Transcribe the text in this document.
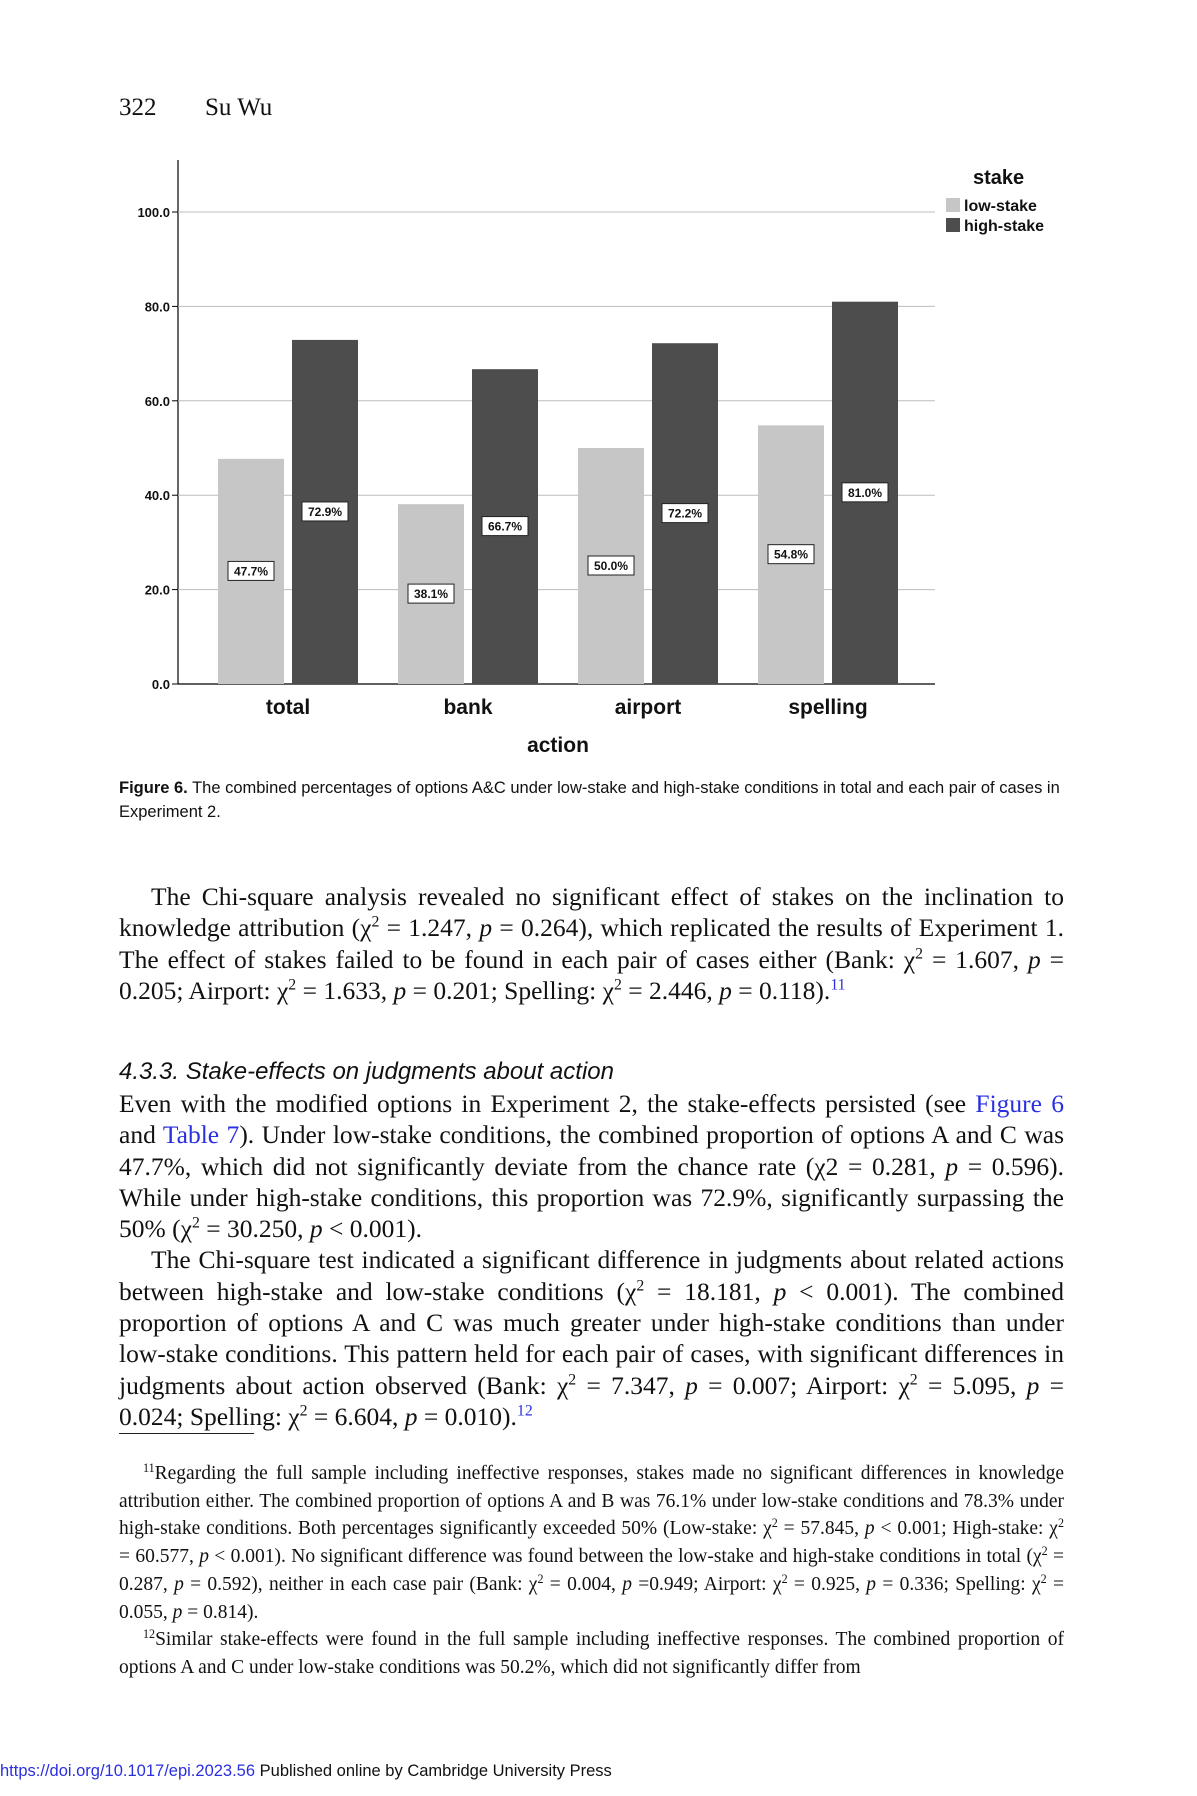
322 Su Wu
0.0
20.0
40.0
60.0
80.0
100.0
47.7%
72.9%
total
38.1%
66.7%
bank
50.0%
72.2%
airport
54.8%
81.0%
spelling
action
stake
low-stake
high-stake
Figure 6. The combined percentages of options A&C under low-stake and high-stake conditions in total and each pair of cases in Experiment 2.

The Chi-square analysis revealed no significant effect of stakes on the inclination to knowledge attribution ($\chi^2 = 1.247$, p = 0.264), which replicated the results of Experiment 1. The effect of stakes failed to be found in each pair of cases either (Bank: $\chi^2 = 1.607$, p = 0.205; Airport: $\chi^2 = 1.633$, p = 0.201; Spelling: $\chi^2 = 2.446$, p = 0.118).$^{11}$

4.3.3. Stake-effects on judgments about action

Even with the modified options in Experiment 2, the stake-effects persisted (see Figure 6 and Table 7). Under low-stake conditions, the combined proportion of options A and C was 47.7%, which did not significantly deviate from the chance rate (χ2 = 0.281, p = 0.596). While under high-stake conditions, this proportion was 72.9%, significantly surpassing the 50% ($\chi^2 = 30.250$, p < 0.001).

The Chi-square test indicated a significant difference in judgments about related actions between high-stake and low-stake conditions ($\chi^2 = 18.181$, p < 0.001). The combined proportion of options A and C was much greater under high-stake conditions than under low-stake conditions. This pattern held for each pair of cases, with significant differences in judgments about action observed (Bank: $\chi^2 = 7.347$, p = 0.007; Airport: $\chi^2 = 5.095$, p = 0.024; Spelling: $\chi^2 = 6.604$, p = 0.010).$^{12}$

$^{11}$Regarding the full sample including ineffective responses, stakes made no significant differences in knowledge attribution either. The combined proportion of options A and B was 76.1% under low-stake conditions and 78.3% under high-stake conditions. Both percentages significantly exceeded 50% (Low-stake: $\chi^2 = 57.845$, p < 0.001; High-stake: $\chi^2 = 60.577$, p < 0.001). No significant difference was found between the low-stake and high-stake conditions in total ($\chi^2 = 0.287$, p = 0.592), neither in each case pair (Bank: $\chi^2 = 0.004$, p =0.949; Airport: $\chi^2 = 0.925$, p = 0.336; Spelling: $\chi^2 = 0.055$, p = 0.814).

$^{12}$Similar stake-effects were found in the full sample including ineffective responses. The combined proportion of options A and C under low-stake conditions was 50.2%, which did not significantly differ from

https://doi.org/10.1017/epi.2023.56 Published online by Cambridge University Press
